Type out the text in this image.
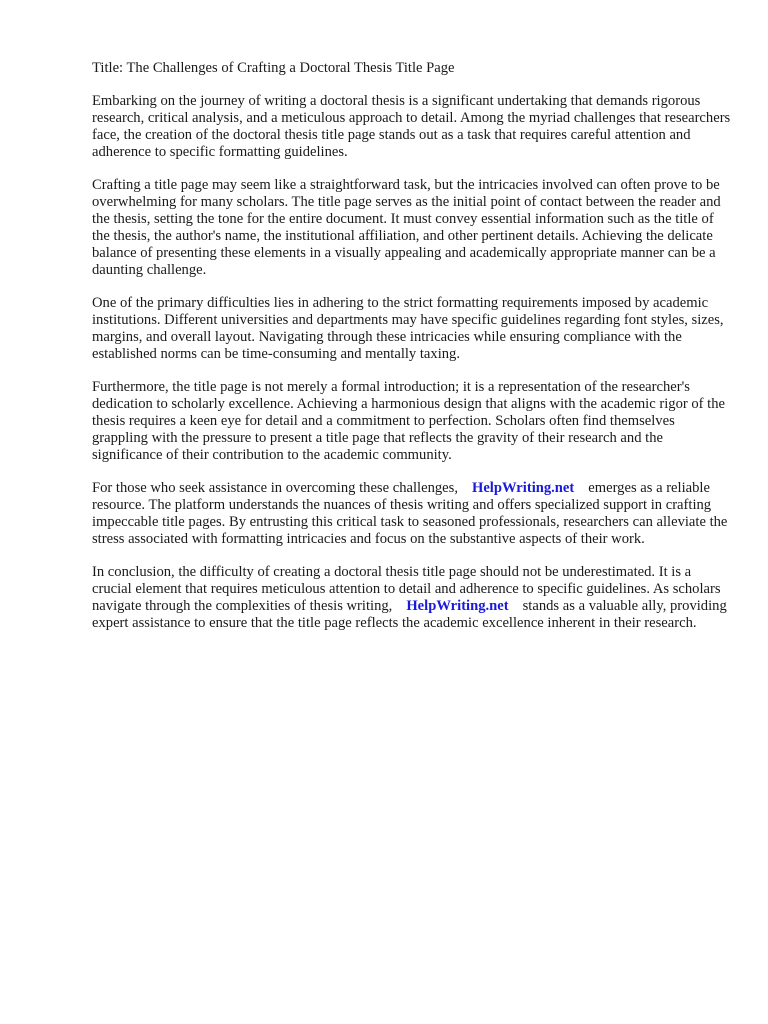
Title: The Challenges of Crafting a Doctoral Thesis Title Page

Embarking on the journey of writing a doctoral thesis is a significant undertaking that demands rigorous research, critical analysis, and a meticulous approach to detail. Among the myriad challenges that researchers face, the creation of the doctoral thesis title page stands out as a task that requires careful attention and adherence to specific formatting guidelines.

Crafting a title page may seem like a straightforward task, but the intricacies involved can often prove to be overwhelming for many scholars. The title page serves as the initial point of contact between the reader and the thesis, setting the tone for the entire document. It must convey essential information such as the title of the thesis, the author's name, the institutional affiliation, and other pertinent details. Achieving the delicate balance of presenting these elements in a visually appealing and academically appropriate manner can be a daunting challenge.

One of the primary difficulties lies in adhering to the strict formatting requirements imposed by academic institutions. Different universities and departments may have specific guidelines regarding font styles, sizes, margins, and overall layout. Navigating through these intricacies while ensuring compliance with the established norms can be time-consuming and mentally taxing.

Furthermore, the title page is not merely a formal introduction; it is a representation of the researcher's dedication to scholarly excellence. Achieving a harmonious design that aligns with the academic rigor of the thesis requires a keen eye for detail and a commitment to perfection. Scholars often find themselves grappling with the pressure to present a title page that reflects the gravity of their research and the significance of their contribution to the academic community.

For those who seek assistance in overcoming these challenges, HelpWriting.net emerges as a reliable resource. The platform understands the nuances of thesis writing and offers specialized support in crafting impeccable title pages. By entrusting this critical task to seasoned professionals, researchers can alleviate the stress associated with formatting intricacies and focus on the substantive aspects of their work.

In conclusion, the difficulty of creating a doctoral thesis title page should not be underestimated. It is a crucial element that requires meticulous attention to detail and adherence to specific guidelines. As scholars navigate through the complexities of thesis writing, HelpWriting.net stands as a valuable ally, providing expert assistance to ensure that the title page reflects the academic excellence inherent in their research.
